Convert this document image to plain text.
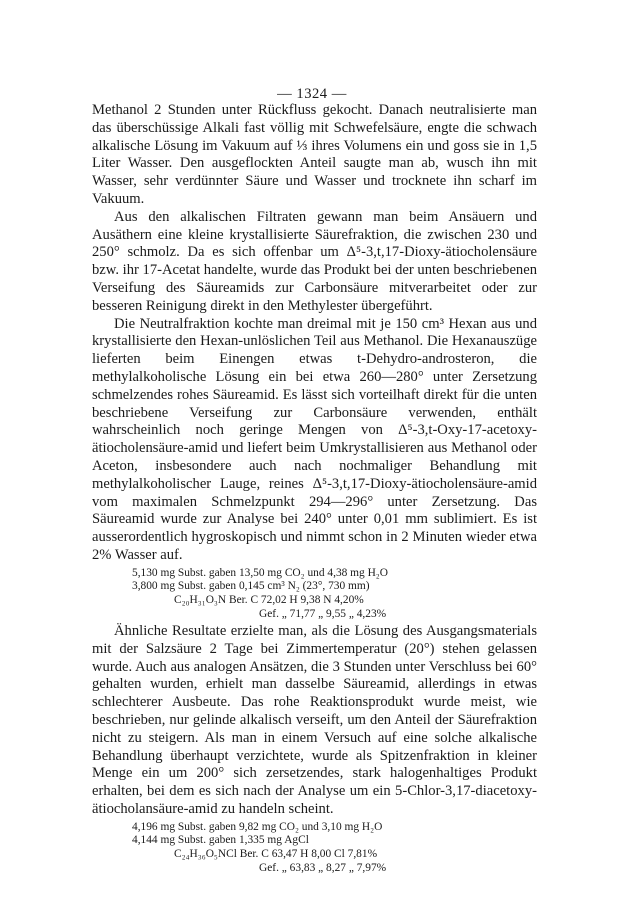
— 1324 —

Methanol 2 Stunden unter Rückfluss gekocht. Danach neutralisierte man das überschüssige Alkali fast völlig mit Schwefelsäure, engte die schwach alkalische Lösung im Vakuum auf ⅓ ihres Volumens ein und goss sie in 1,5 Liter Wasser. Den ausgeflockten Anteil saugte man ab, wusch ihn mit Wasser, sehr verdünnter Säure und Wasser und trocknete ihn scharf im Vakuum.

Aus den alkalischen Filtraten gewann man beim Ansäuern und Ausäthern eine kleine krystallisierte Säurefraktion, die zwischen 230 und 250° schmolz. Da es sich offenbar um Δ⁵-3,t,17-Dioxy-ätiocholensäure bzw. ihr 17-Acetat handelte, wurde das Produkt bei der unten beschriebenen Verseifung des Säureamids zur Carbonsäure mitverarbeitet oder zur besseren Reinigung direkt in den Methylester übergeführt.

Die Neutralfraktion kochte man dreimal mit je 150 cm³ Hexan aus und krystallisierte den Hexan-unlöslichen Teil aus Methanol. Die Hexanauszüge lieferten beim Einengen etwas t-Dehydro-androsteron, die methylalkoholische Lösung ein bei etwa 260—280° unter Zersetzung schmelzendes rohes Säureamid. Es lässt sich vorteilhaft direkt für die unten beschriebene Verseifung zur Carbonsäure verwenden, enthält wahrscheinlich noch geringe Mengen von Δ⁵-3,t-Oxy-17-acetoxy-ätiocholensäure-amid und liefert beim Umkrystallisieren aus Methanol oder Aceton, insbesondere auch nach nochmaliger Behandlung mit methylalkoholischer Lauge, reines Δ⁵-3,t,17-Dioxy-ätiocholensäure-amid vom maximalen Schmelzpunkt 294—296° unter Zersetzung. Das Säureamid wurde zur Analyse bei 240° unter 0,01 mm sublimiert. Es ist ausserordentlich hygroskopisch und nimmt schon in 2 Minuten wieder etwa 2% Wasser auf.

5,130 mg Subst. gaben 13,50 mg CO₂ und 4,38 mg H₂O
3,800 mg Subst. gaben 0,145 cm³ N₂ (23°, 730 mm)
C₂₀H₃₁O₃N Ber. C 72,02 H 9,38 N 4,20%
Gef. „ 71,77 „ 9,55 „ 4,23%

Ähnliche Resultate erzielte man, als die Lösung des Ausgangsmaterials mit der Salzsäure 2 Tage bei Zimmertemperatur (20°) stehen gelassen wurde. Auch aus analogen Ansätzen, die 3 Stunden unter Verschluss bei 60° gehalten wurden, erhielt man dasselbe Säureamid, allerdings in etwas schlechterer Ausbeute. Das rohe Reaktionsprodukt wurde meist, wie beschrieben, nur gelinde alkalisch verseift, um den Anteil der Säurefraktion nicht zu steigern. Als man in einem Versuch auf eine solche alkalische Behandlung überhaupt verzichtete, wurde als Spitzenfraktion in kleiner Menge ein um 200° sich zersetzendes, stark halogenhaltiges Produkt erhalten, bei dem es sich nach der Analyse um ein 5-Chlor-3,17-diacetoxy-ätiocholansäure-amid zu handeln scheint.

4,196 mg Subst. gaben 9,82 mg CO₂ und 3,10 mg H₂O
4,144 mg Subst. gaben 1,335 mg AgCl
C₂₄H₃₆O₅NCl Ber. C 63,47 H 8,00 Cl 7,81%
Gef. „ 63,83 „ 8,27 „ 7,97%
